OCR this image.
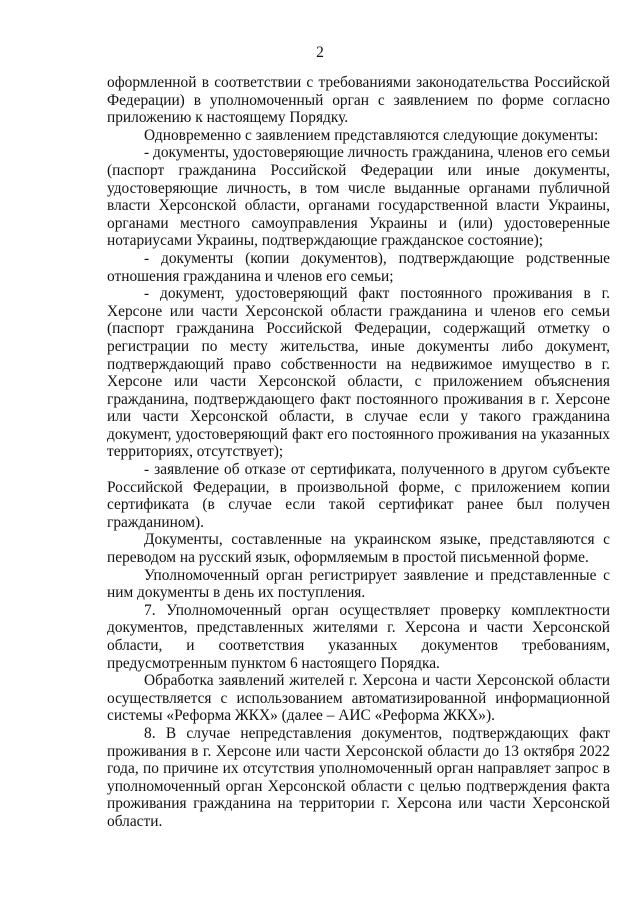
2

оформленной в соответствии с требованиями законодательства Российской Федерации) в уполномоченный орган с заявлением по форме согласно приложению к настоящему Порядку.

Одновременно с заявлением представляются следующие документы:

- документы, удостоверяющие личность гражданина, членов его семьи (паспорт гражданина Российской Федерации или иные документы, удостоверяющие личность, в том числе выданные органами публичной власти Херсонской области, органами государственной власти Украины, органами местного самоуправления Украины и (или) удостоверенные нотариусами Украины, подтверждающие гражданское состояние);

- документы (копии документов), подтверждающие родственные отношения гражданина и членов его семьи;

- документ, удостоверяющий факт постоянного проживания в г. Херсоне или части Херсонской области гражданина и членов его семьи (паспорт гражданина Российской Федерации, содержащий отметку о регистрации по месту жительства, иные документы либо документ, подтверждающий право собственности на недвижимое имущество в г. Херсоне или части Херсонской области, с приложением объяснения гражданина, подтверждающего факт постоянного проживания в г. Херсоне или части Херсонской области, в случае если у такого гражданина документ, удостоверяющий факт его постоянного проживания на указанных территориях, отсутствует);

- заявление об отказе от сертификата, полученного в другом субъекте Российской Федерации, в произвольной форме, с приложением копии сертификата (в случае если такой сертификат ранее был получен гражданином).

Документы, составленные на украинском языке, представляются с переводом на русский язык, оформляемым в простой письменной форме.

Уполномоченный орган регистрирует заявление и представленные с ним документы в день их поступления.

7. Уполномоченный орган осуществляет проверку комплектности документов, представленных жителями г. Херсона и части Херсонской области, и соответствия указанных документов требованиям, предусмотренным пунктом 6 настоящего Порядка.

Обработка заявлений жителей г. Херсона и части Херсонской области осуществляется с использованием автоматизированной информационной системы «Реформа ЖКХ» (далее – АИС «Реформа ЖКХ»).

8. В случае непредставления документов, подтверждающих факт проживания в г. Херсоне или части Херсонской области до 13 октября 2022 года, по причине их отсутствия уполномоченный орган направляет запрос в уполномоченный орган Херсонской области с целью подтверждения факта проживания гражданина на территории г. Херсона или части Херсонской области.
